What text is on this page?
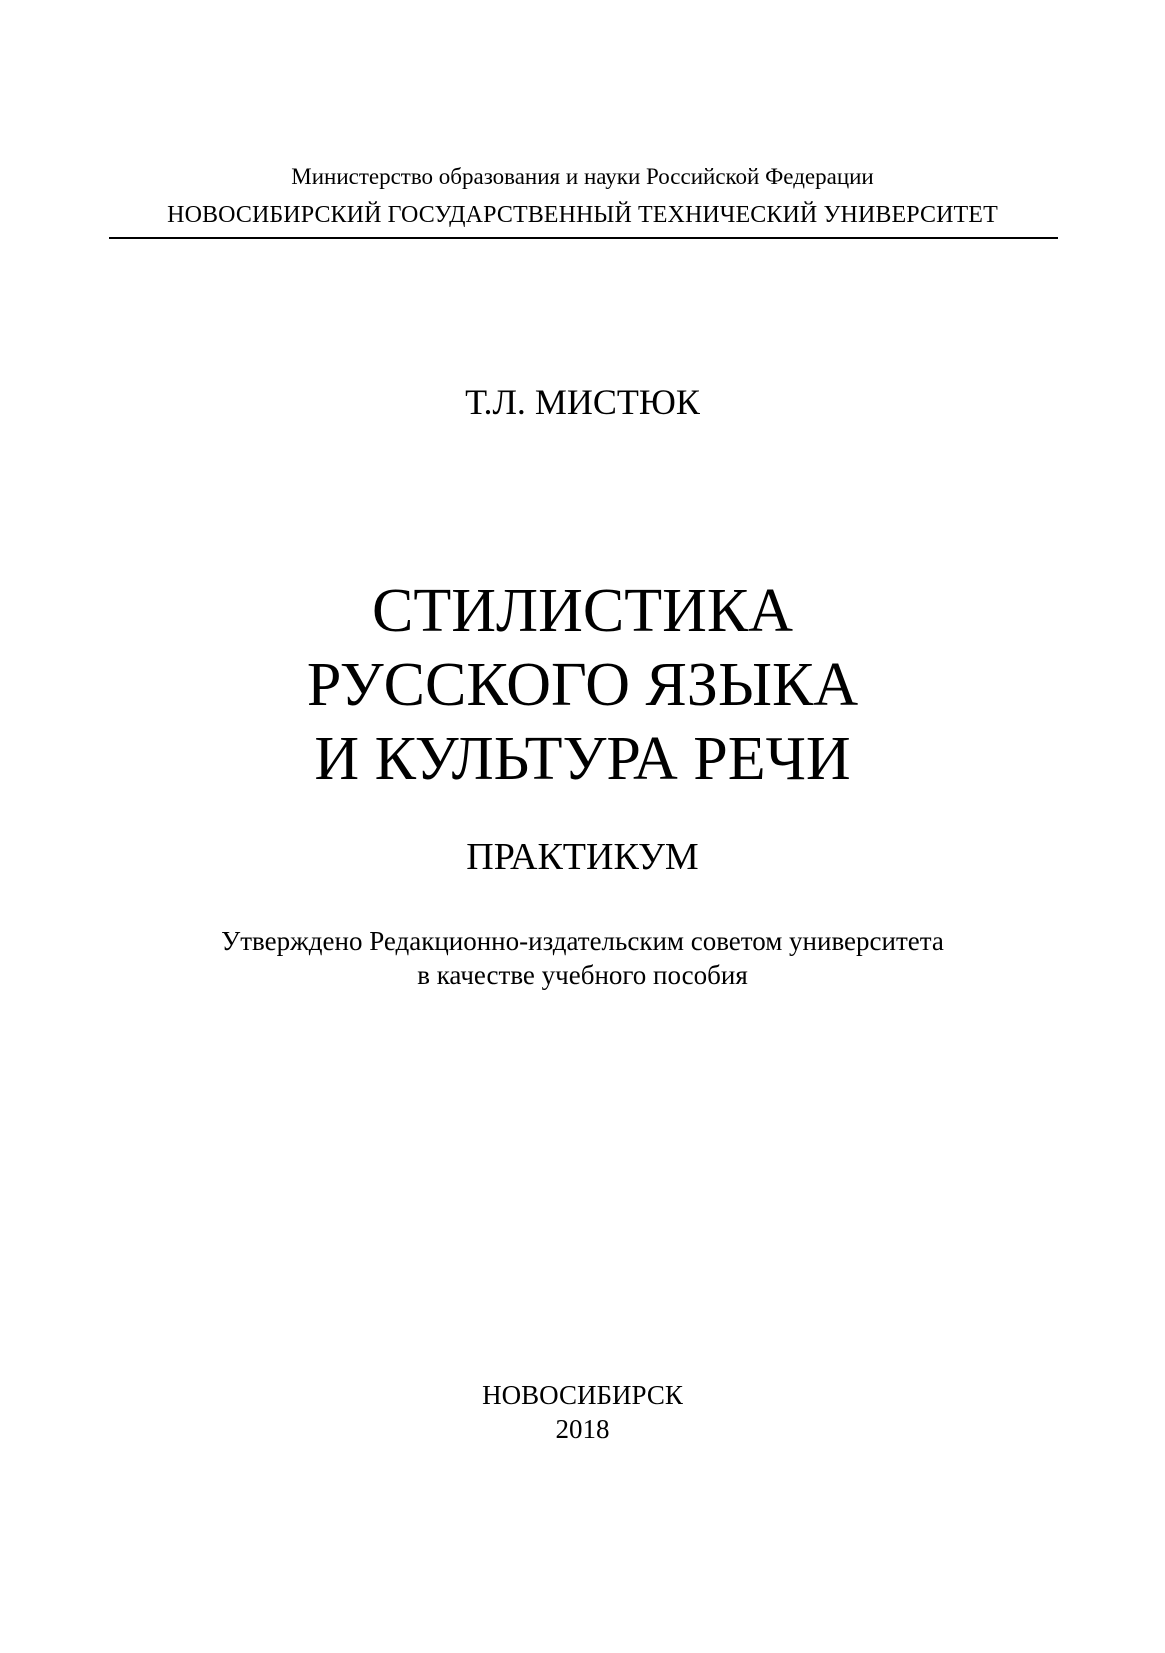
Министерство образования и науки Российской Федерации
НОВОСИБИРСКИЙ ГОСУДАРСТВЕННЫЙ ТЕХНИЧЕСКИЙ УНИВЕРСИТЕТ
Т.Л. МИСТЮК
СТИЛИСТИКА
РУССКОГО ЯЗЫКА
И КУЛЬТУРА РЕЧИ
ПРАКТИКУМ
Утверждено Редакционно-издательским советом университета
в качестве учебного пособия
НОВОСИБИРСК
2018
